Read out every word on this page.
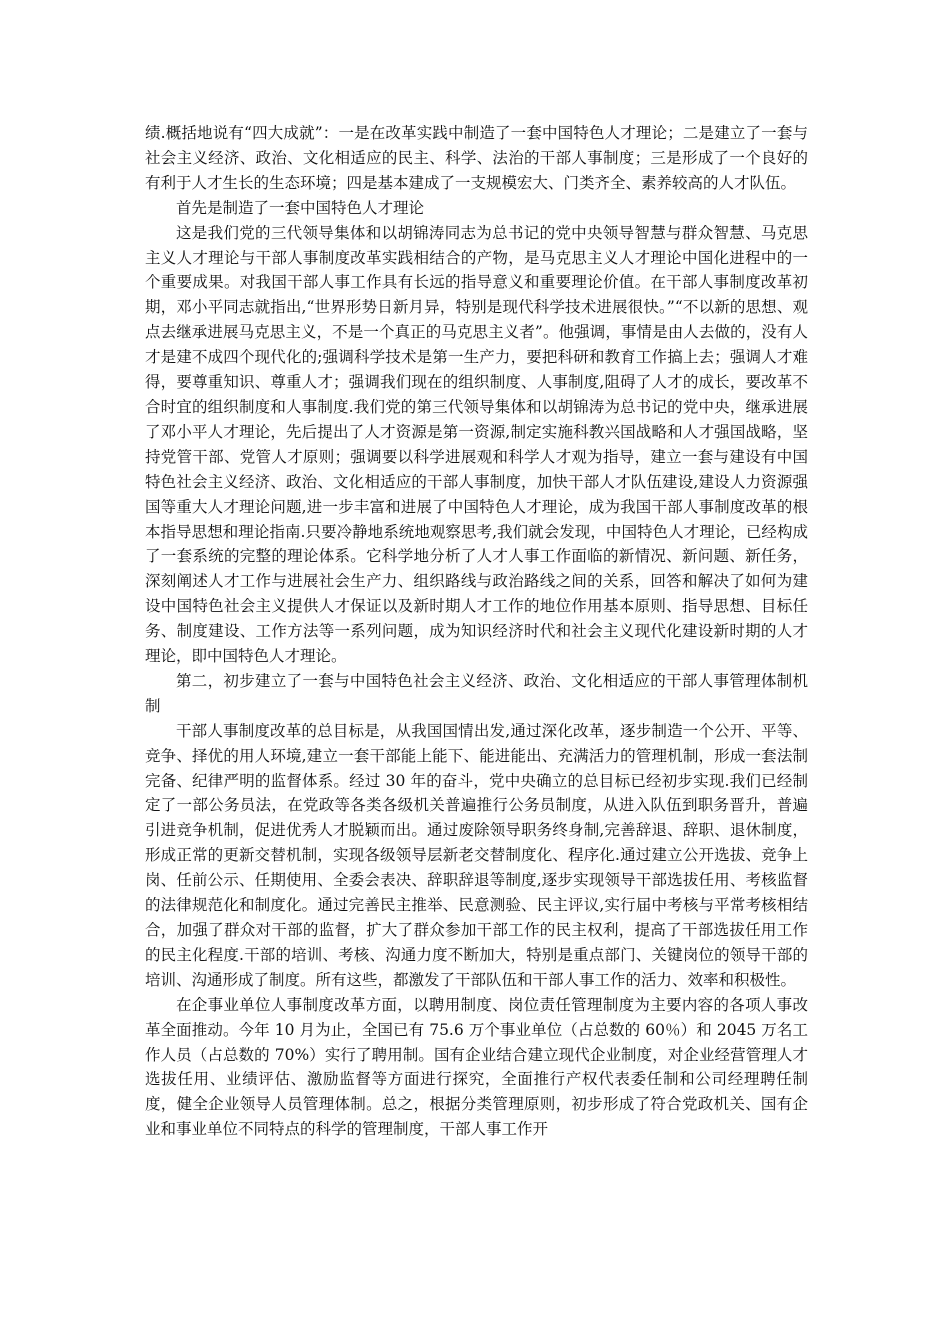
绩.概括地说有“四大成就”：一是在改革实践中制造了一套中国特色人才理论；二是建立了一套与社会主义经济、政治、文化相适应的民主、科学、法治的干部人事制度；三是形成了一个良好的有利于人才生长的生态环境；四是基本建成了一支规模宏大、门类齐全、素养较高的人才队伍。

首先是制造了一套中国特色人才理论

这是我们党的三代领导集体和以胡锦涛同志为总书记的党中央领导智慧与群众智慧、马克思主义人才理论与干部人事制度改革实践相结合的产物，是马克思主义人才理论中国化进程中的一个重要成果。对我国干部人事工作具有长远的指导意义和重要理论价值。在干部人事制度改革初期，邓小平同志就指出,“世界形势日新月异，特别是现代科学技术进展很快。”“不以新的思想、观点去继承进展马克思主义，不是一个真正的马克思主义者”。他强调，事情是由人去做的，没有人才是建不成四个现代化的;强调科学技术是第一生产力，要把科研和教育工作搞上去；强调人才难得，要尊重知识、尊重人才；强调我们现在的组织制度、人事制度,阻碍了人才的成长，要改革不合时宜的组织制度和人事制度.我们党的第三代领导集体和以胡锦涛为总书记的党中央，继承进展了邓小平人才理论，先后提出了人才资源是第一资源,制定实施科教兴国战略和人才强国战略，坚持党管干部、党管人才原则；强调要以科学进展观和科学人才观为指导，建立一套与建设有中国特色社会主义经济、政治、文化相适应的干部人事制度，加快干部人才队伍建设,建设人力资源强国等重大人才理论问题,进一步丰富和进展了中国特色人才理论，成为我国干部人事制度改革的根本指导思想和理论指南.只要冷静地系统地观察思考,我们就会发现，中国特色人才理论，已经构成了一套系统的完整的理论体系。它科学地分析了人才人事工作面临的新情况、新问题、新任务，深刻阐述人才工作与进展社会生产力、组织路线与政治路线之间的关系，回答和解决了如何为建设中国特色社会主义提供人才保证以及新时期人才工作的地位作用基本原则、指导思想、目标任务、制度建设、工作方法等一系列问题，成为知识经济时代和社会主义现代化建设新时期的人才理论，即中国特色人才理论。

第二，初步建立了一套与中国特色社会主义经济、政治、文化相适应的干部人事管理体制机制

干部人事制度改革的总目标是，从我国国情出发,通过深化改革，逐步制造一个公开、平等、竞争、择优的用人环境,建立一套干部能上能下、能进能出、充满活力的管理机制，形成一套法制完备、纪律严明的监督体系。经过 30 年的奋斗，党中央确立的总目标已经初步实现.我们已经制定了一部公务员法，在党政等各类各级机关普遍推行公务员制度，从进入队伍到职务晋升，普遍引进竞争机制，促进优秀人才脱颖而出。通过废除领导职务终身制,完善辞退、辞职、退休制度，形成正常的更新交替机制，实现各级领导层新老交替制度化、程序化.通过建立公开选拔、竞争上岗、任前公示、任期使用、全委会表决、辞职辞退等制度,逐步实现领导干部选拔任用、考核监督的法律规范化和制度化。通过完善民主推举、民意测验、民主评议,实行届中考核与平常考核相结合，加强了群众对干部的监督，扩大了群众参加干部工作的民主权利，提高了干部选拔任用工作的民主化程度.干部的培训、考核、沟通力度不断加大，特别是重点部门、关键岗位的领导干部的培训、沟通形成了制度。所有这些，都激发了干部队伍和干部人事工作的活力、效率和积极性。

在企事业单位人事制度改革方面，以聘用制度、岗位责任管理制度为主要内容的各项人事改革全面推动。今年 10 月为止，全国已有 75.6 万个事业单位（占总数的 60％）和 2045 万名工作人员（占总数的 70%）实行了聘用制。国有企业结合建立现代企业制度，对企业经营管理人才选拔任用、业绩评估、激励监督等方面进行探究，全面推行产权代表委任制和公司经理聘任制度，健全企业领导人员管理体制。总之，根据分类管理原则，初步形成了符合党政机关、国有企业和事业单位不同特点的科学的管理制度，干部人事工作开
